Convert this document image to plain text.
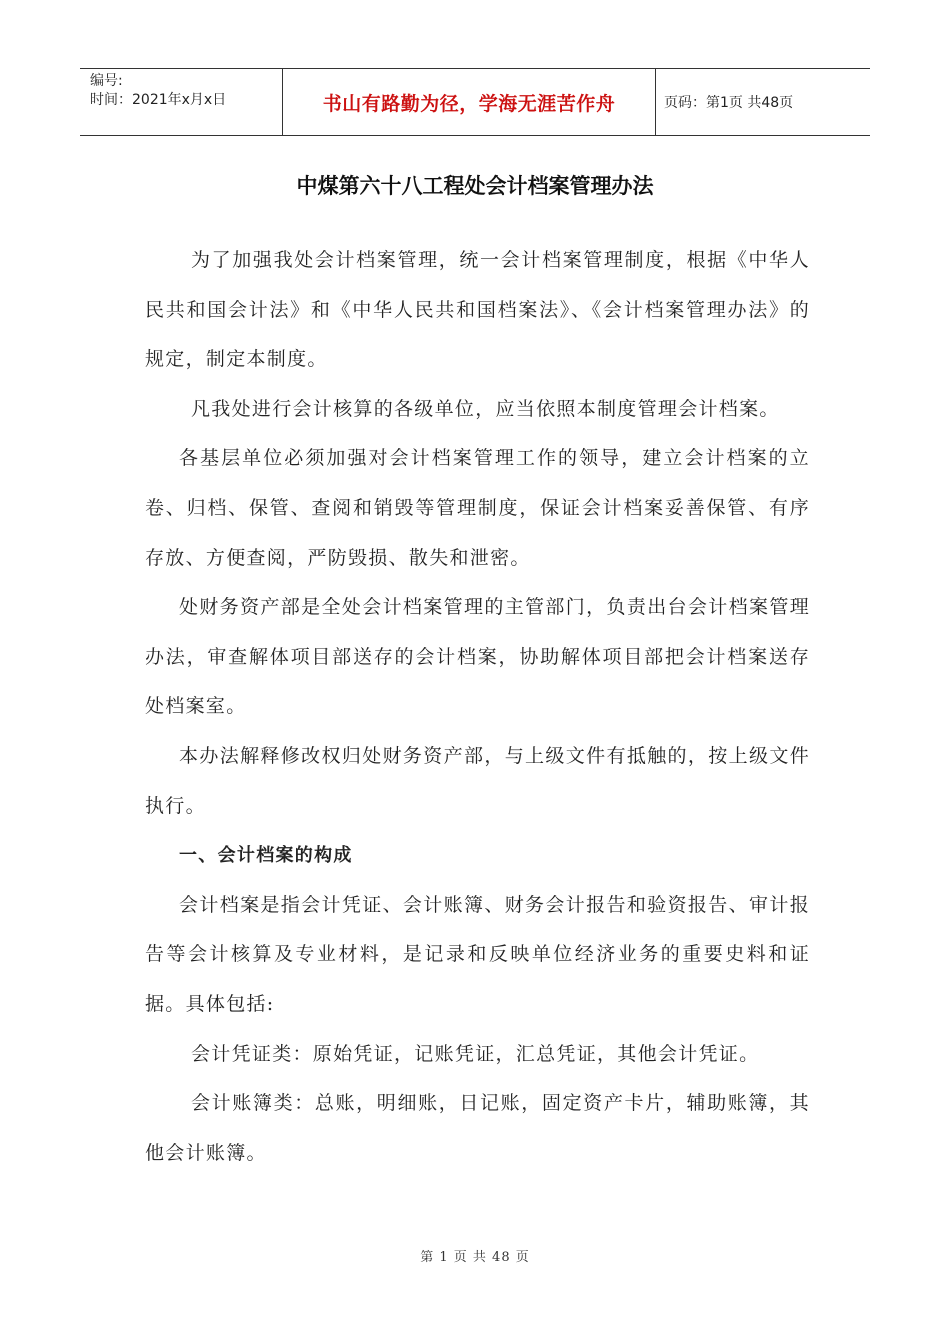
编号:
时间：2021年x月x日	书山有路勤为径，学海无涯苦作舟	页码：第1页 共48页
中煤第六十八工程处会计档案管理办法

为了加强我处会计档案管理，统一会计档案管理制度，根据《中华人民共和国会计法》和《中华人民共和国档案法》、《会计档案管理办法》的规定，制定本制度。

凡我处进行会计核算的各级单位，应当依照本制度管理会计档案。

各基层单位必须加强对会计档案管理工作的领导，建立会计档案的立卷、归档、保管、查阅和销毁等管理制度，保证会计档案妥善保管、有序存放、方便查阅，严防毁损、散失和泄密。

处财务资产部是全处会计档案管理的主管部门，负责出台会计档案管理办法，审查解体项目部送存的会计档案，协助解体项目部把会计档案送存处档案室。

本办法解释修改权归处财务资产部，与上级文件有抵触的，按上级文件执行。

一、会计档案的构成

会计档案是指会计凭证、会计账簿、财务会计报告和验资报告、审计报告等会计核算及专业材料，是记录和反映单位经济业务的重要史料和证据。具体包括:

会计凭证类：原始凭证，记账凭证，汇总凭证，其他会计凭证。

会计账簿类：总账，明细账，日记账，固定资产卡片，辅助账簿，其他会计账簿。

第 1 页 共 48 页
